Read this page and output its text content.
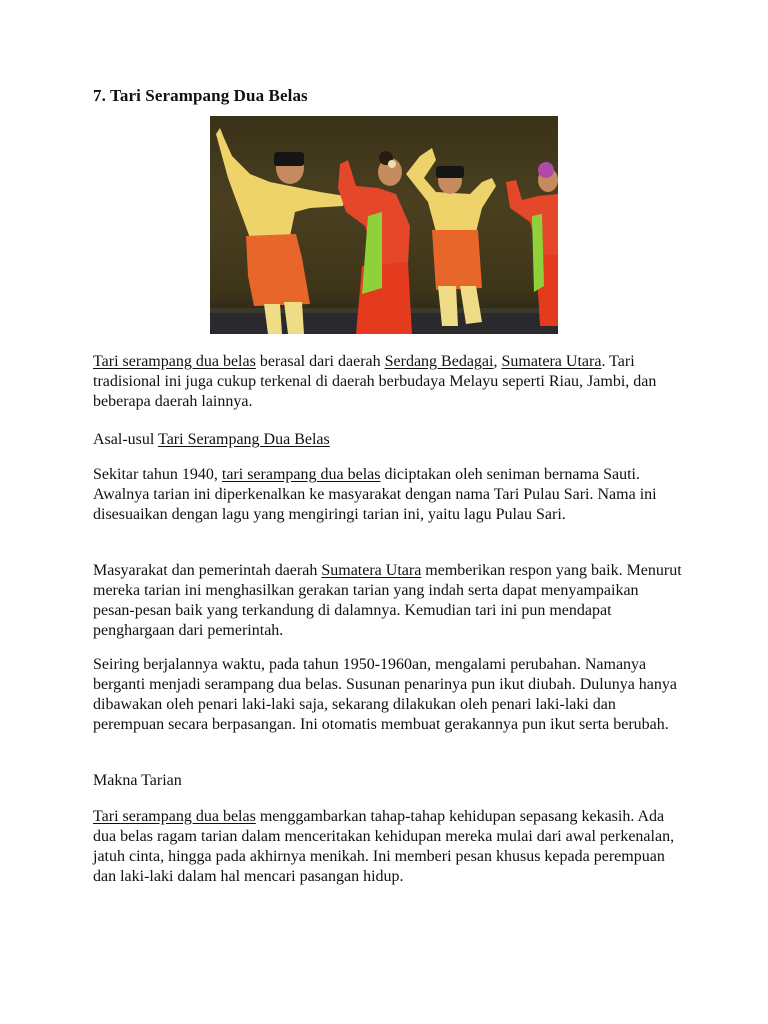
7. Tari Serampang Dua Belas

Tari serampang dua belas berasal dari daerah Serdang Bedagai, Sumatera Utara. Tari tradisional ini juga cukup terkenal di daerah berbudaya Melayu seperti Riau, Jambi, dan beberapa daerah lainnya.

Asal-usul Tari Serampang Dua Belas

Sekitar tahun 1940, tari serampang dua belas diciptakan oleh seniman bernama Sauti. Awalnya tarian ini diperkenalkan ke masyarakat dengan nama Tari Pulau Sari. Nama ini disesuaikan dengan lagu yang mengiringi tarian ini, yaitu lagu Pulau Sari.

Masyarakat dan pemerintah daerah Sumatera Utara memberikan respon yang baik. Menurut mereka tarian ini menghasilkan gerakan tarian yang indah serta dapat menyampaikan pesan-pesan baik yang terkandung di dalamnya. Kemudian tari ini pun mendapat penghargaan dari pemerintah.

Seiring berjalannya waktu, pada tahun 1950-1960an, mengalami perubahan. Namanya berganti menjadi serampang dua belas. Susunan penarinya pun ikut diubah. Dulunya hanya dibawakan oleh penari laki-laki saja, sekarang dilakukan oleh penari laki-laki dan perempuan secara berpasangan. Ini otomatis membuat gerakannya pun ikut serta berubah.

Makna Tarian

Tari serampang dua belas menggambarkan tahap-tahap kehidupan sepasang kekasih. Ada dua belas ragam tarian dalam menceritakan kehidupan mereka mulai dari awal perkenalan, jatuh cinta, hingga pada akhirnya menikah. Ini memberi pesan khusus kepada perempuan dan laki-laki dalam hal mencari pasangan hidup.
